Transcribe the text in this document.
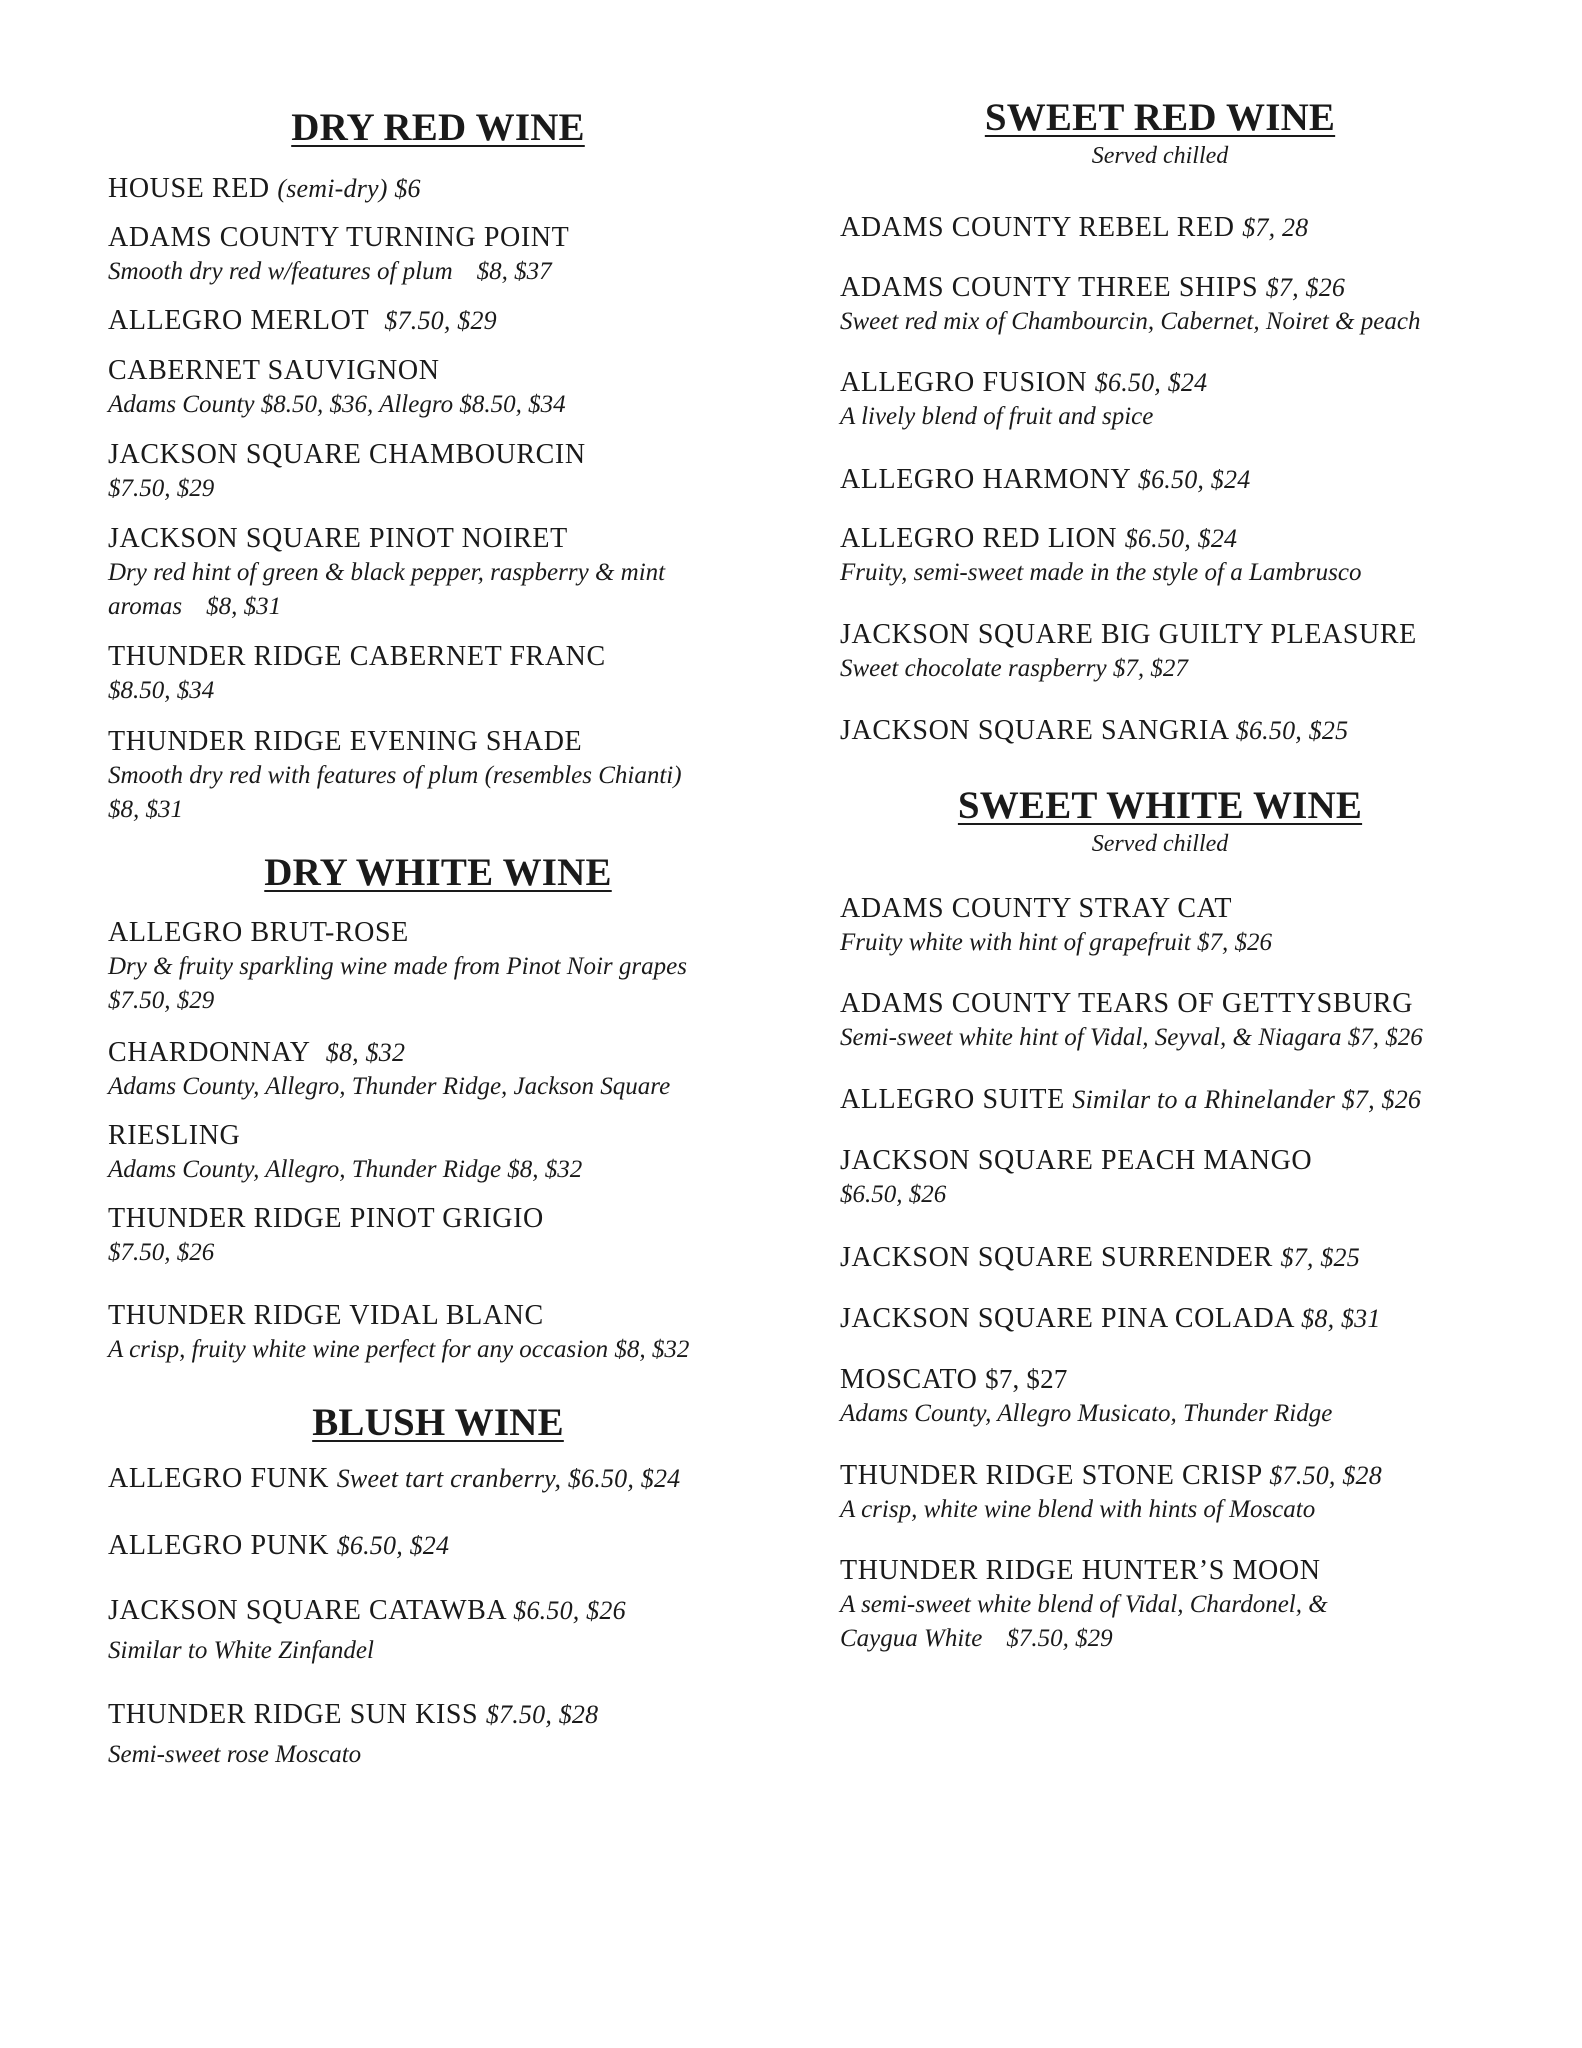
DRY RED WINE
HOUSE RED (semi-dry) $6
ADAMS COUNTY TURNING POINT
Smooth dry red w/features of plum $8, $37
ALLEGRO MERLOT $7.50, $29
CABERNET SAUVIGNON
Adams County $8.50, $36, Allegro $8.50, $34
JACKSON SQUARE CHAMBOURCIN
$7.50, $29
JACKSON SQUARE PINOT NOIRET
Dry red hint of green & black pepper, raspberry & mint
aromas $8, $31
THUNDER RIDGE CABERNET FRANC
$8.50, $34
THUNDER RIDGE EVENING SHADE
Smooth dry red with features of plum (resembles Chianti)
$8, $31
DRY WHITE WINE
ALLEGRO BRUT-ROSE
Dry & fruity sparkling wine made from Pinot Noir grapes
$7.50, $29
CHARDONNAY $8, $32
Adams County, Allegro, Thunder Ridge, Jackson Square
RIESLING
Adams County, Allegro, Thunder Ridge $8, $32
THUNDER RIDGE PINOT GRIGIO
$7.50, $26
THUNDER RIDGE VIDAL BLANC
A crisp, fruity white wine perfect for any occasion $8, $32
BLUSH WINE
ALLEGRO FUNK Sweet tart cranberry, $6.50, $24
ALLEGRO PUNK $6.50, $24
JACKSON SQUARE CATAWBA $6.50, $26
Similar to White Zinfandel
THUNDER RIDGE SUN KISS $7.50, $28
Semi-sweet rose Moscato
SWEET RED WINE

Served chilled

ADAMS COUNTY REBEL RED $7, 28
ADAMS COUNTY THREE SHIPS $7, $26
Sweet red mix of Chambourcin, Cabernet, Noiret & peach
ALLEGRO FUSION $6.50, $24
A lively blend of fruit and spice
ALLEGRO HARMONY $6.50, $24
ALLEGRO RED LION $6.50, $24
Fruity, semi-sweet made in the style of a Lambrusco
JACKSON SQUARE BIG GUILTY PLEASURE
Sweet chocolate raspberry $7, $27
JACKSON SQUARE SANGRIA $6.50, $25
SWEET WHITE WINE

Served chilled

ADAMS COUNTY STRAY CAT
Fruity white with hint of grapefruit $7, $26
ADAMS COUNTY TEARS OF GETTYSBURG
Semi-sweet white hint of Vidal, Seyval, & Niagara $7, $26
ALLEGRO SUITE Similar to a Rhinelander $7, $26
JACKSON SQUARE PEACH MANGO
$6.50, $26
JACKSON SQUARE SURRENDER $7, $25
JACKSON SQUARE PINA COLADA $8, $31
MOSCATO $7, $27
Adams County, Allegro Musicato, Thunder Ridge
THUNDER RIDGE STONE CRISP $7.50, $28
A crisp, white wine blend with hints of Moscato
THUNDER RIDGE HUNTER’S MOON
A semi-sweet white blend of Vidal, Chardonel, &
Caygua White $7.50, $29
